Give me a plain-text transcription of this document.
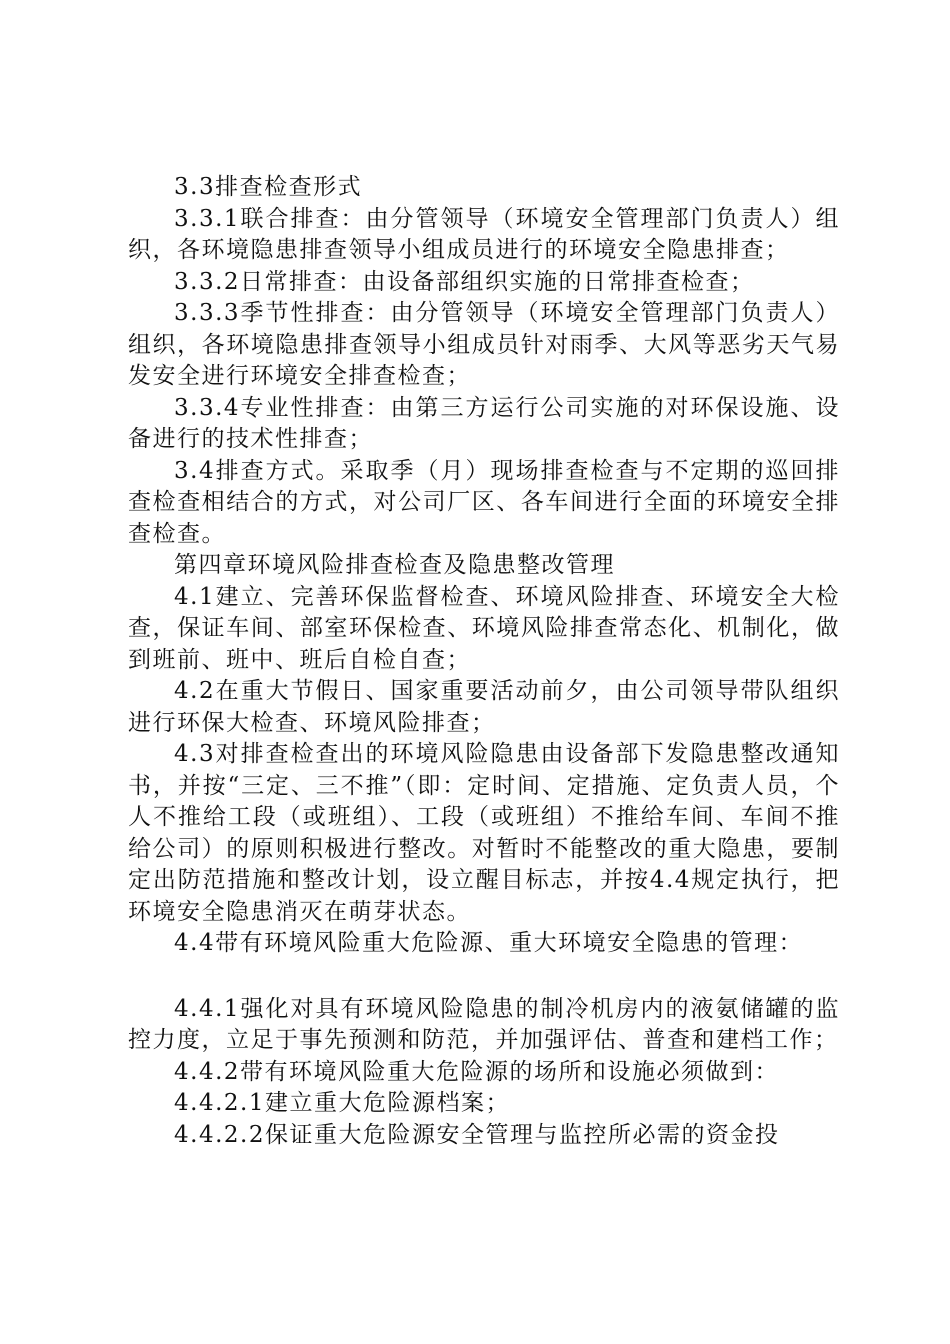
3.3排查检查形式

3.3.1联合排查：由分管领导（环境安全管理部门负责人）组织，各环境隐患排查领导小组成员进行的环境安全隐患排查；

3.3.2日常排查：由设备部组织实施的日常排查检查；

3.3.3季节性排查：由分管领导（环境安全管理部门负责人）组织，各环境隐患排查领导小组成员针对雨季、大风等恶劣天气易发安全进行环境安全排查检查；

3.3.4专业性排查：由第三方运行公司实施的对环保设施、设备进行的技术性排查；

3.4排查方式。采取季（月）现场排查检查与不定期的巡回排查检查相结合的方式，对公司厂区、各车间进行全面的环境安全排查检查。

第四章环境风险排查检查及隐患整改管理

4.1建立、完善环保监督检查、环境风险排查、环境安全大检查，保证车间、部室环保检查、环境风险排查常态化、机制化，做到班前、班中、班后自检自查；

4.2在重大节假日、国家重要活动前夕，由公司领导带队组织进行环保大检查、环境风险排查；

4.3对排查检查出的环境风险隐患由设备部下发隐患整改通知书，并按“三定、三不推”（即：定时间、定措施、定负责人员，个人不推给工段（或班组）、工段（或班组）不推给车间、车间不推给公司）的原则积极进行整改。对暂时不能整改的重大隐患，要制定出防范措施和整改计划，设立醒目标志，并按4.4规定执行，把环境安全隐患消灭在萌芽状态。

4.4带有环境风险重大危险源、重大环境安全隐患的管理：

4.4.1强化对具有环境风险隐患的制冷机房内的液氨储罐的监控力度，立足于事先预测和防范，并加强评估、普查和建档工作；

4.4.2带有环境风险重大危险源的场所和设施必须做到：

4.4.2.1建立重大危险源档案；

4.4.2.2保证重大危险源安全管理与监控所必需的资金投
